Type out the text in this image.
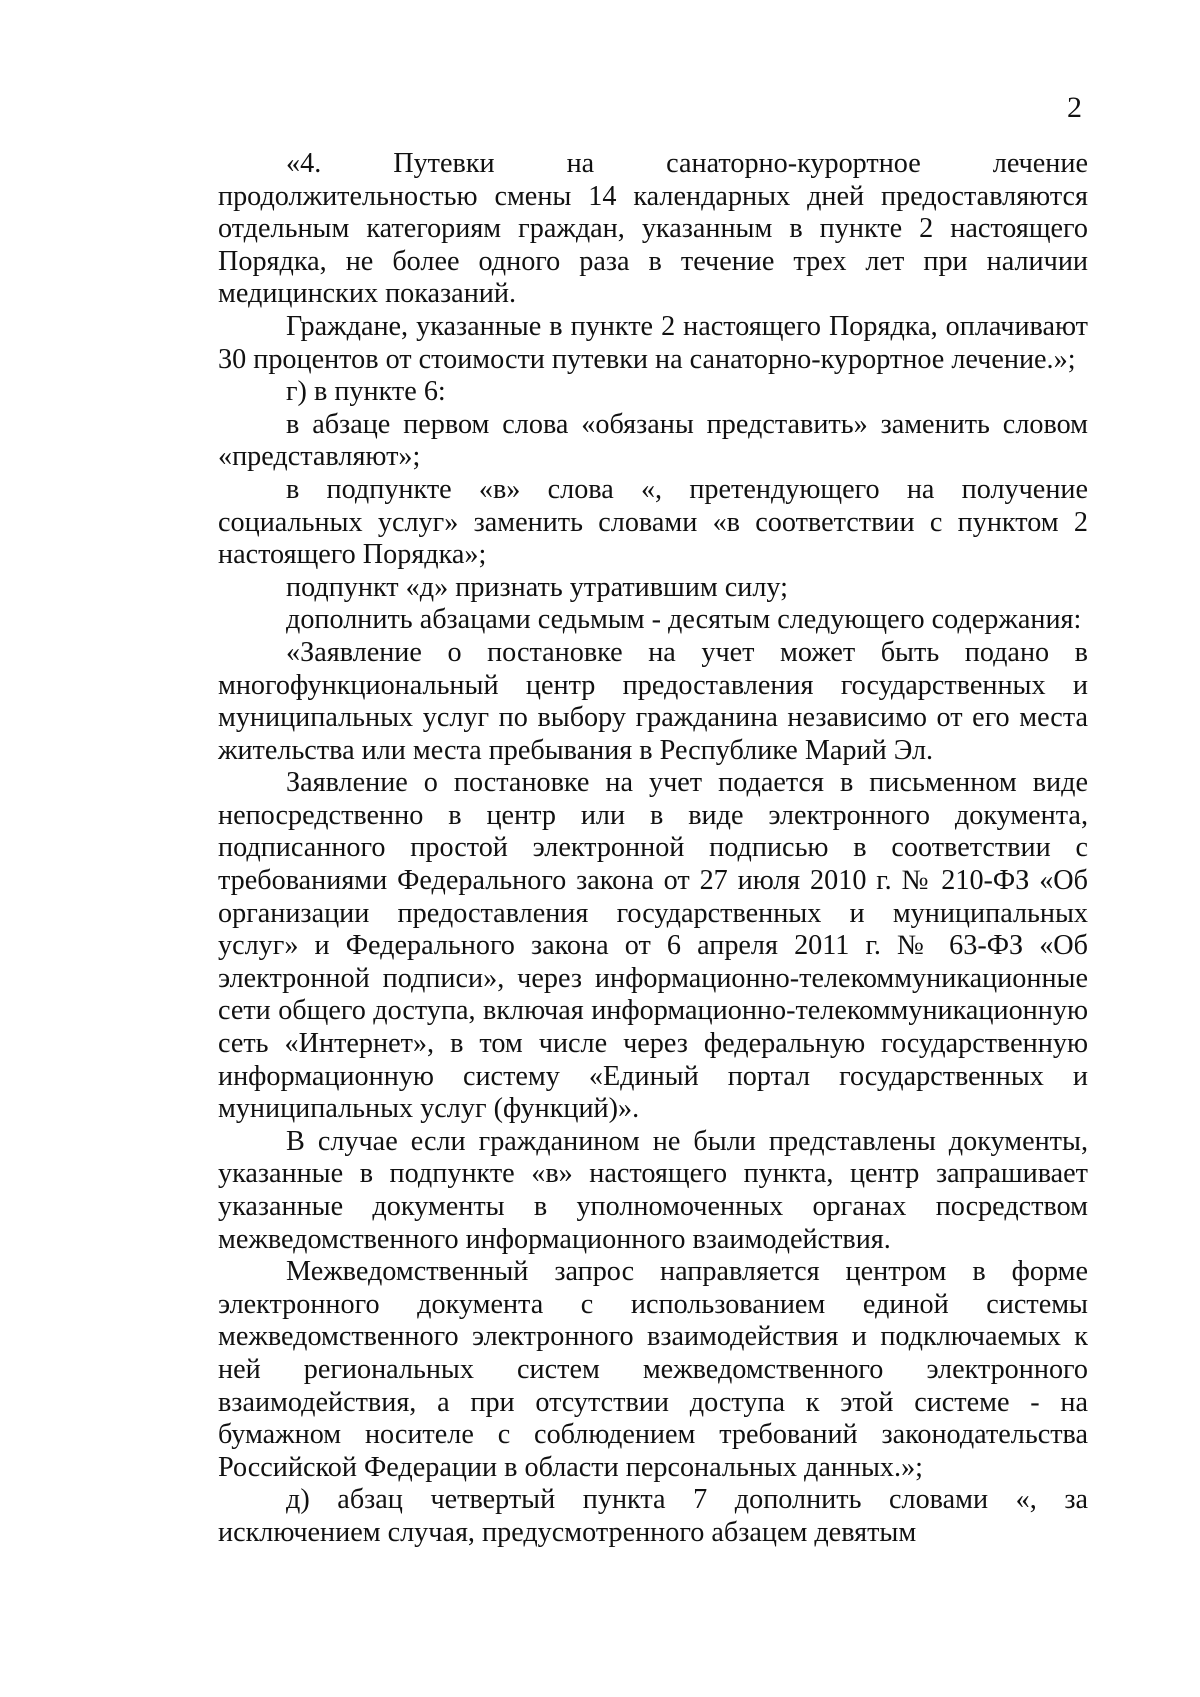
2

«4. Путевки на санаторно-курортное лечение продолжительностью смены 14 календарных дней предоставляются отдельным категориям граждан, указанным в пункте 2 настоящего Порядка, не более одного раза в течение трех лет при наличии медицинских показаний.

Граждане, указанные в пункте 2 настоящего Порядка, оплачивают 30 процентов от стоимости путевки на санаторно-курортное лечение.»;

г) в пункте 6:

в абзаце первом слова «обязаны представить» заменить словом «представляют»;

в подпункте «в» слова «, претендующего на получение социальных услуг» заменить словами «в соответствии с пунктом 2 настоящего Порядка»;

подпункт «д» признать утратившим силу;

дополнить абзацами седьмым - десятым следующего содержания:

«Заявление о постановке на учет может быть подано в многофункциональный центр предоставления государственных и муниципальных услуг по выбору гражданина независимо от его места жительства или места пребывания в Республике Марий Эл.

Заявление о постановке на учет подается в письменном виде непосредственно в центр или в виде электронного документа, подписанного простой электронной подписью в соответствии с требованиями Федерального закона от 27 июля 2010 г. № 210-ФЗ «Об организации предоставления государственных и муниципальных услуг» и Федерального закона от 6 апреля 2011 г. № 63-ФЗ «Об электронной подписи», через информационно-телекоммуникационные сети общего доступа, включая информационно-телекоммуникационную сеть «Интернет», в том числе через федеральную государственную информационную систему «Единый портал государственных и муниципальных услуг (функций)».

В случае если гражданином не были представлены документы, указанные в подпункте «в» настоящего пункта, центр запрашивает указанные документы в уполномоченных органах посредством межведомственного информационного взаимодействия.

Межведомственный запрос направляется центром в форме электронного документа с использованием единой системы межведомственного электронного взаимодействия и подключаемых к ней региональных систем межведомственного электронного взаимодействия, а при отсутствии доступа к этой системе - на бумажном носителе с соблюдением требований законодательства Российской Федерации в области персональных данных.»;

д) абзац четвертый пункта 7 дополнить словами «, за исключением случая, предусмотренного абзацем девятым
